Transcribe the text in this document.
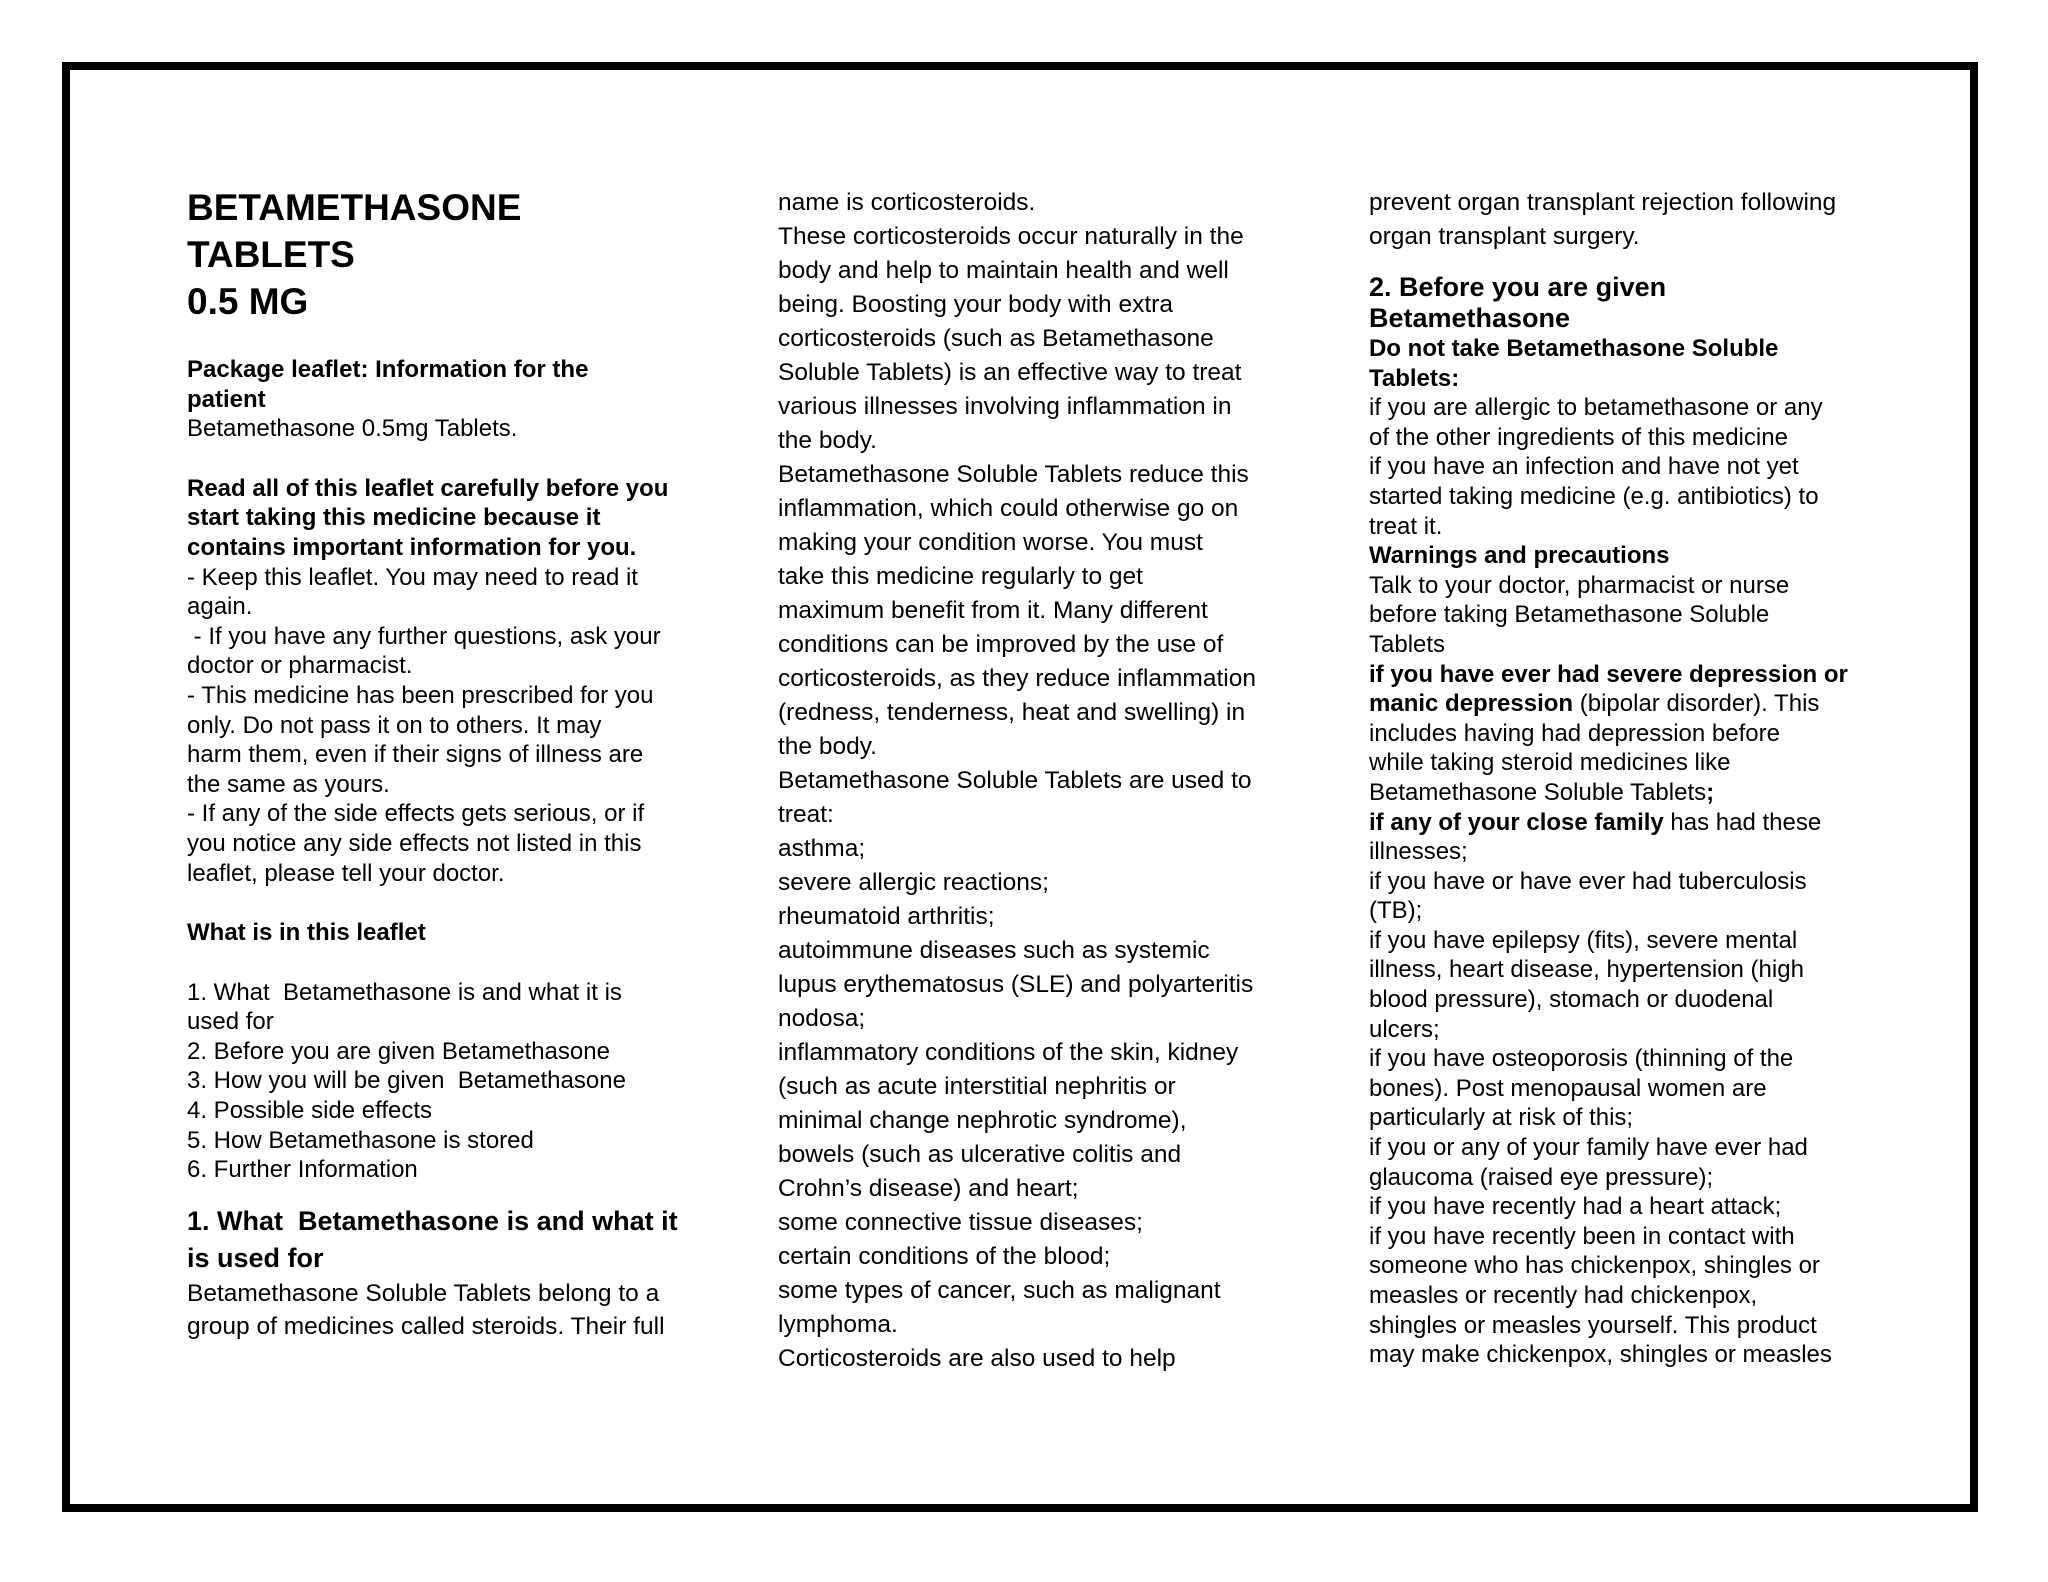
BETAMETHASONE
TABLETS
0.5 MG
Package leaflet: Information for the
patient
Betamethasone 0.5mg Tablets.
Read all of this leaflet carefully before you
start taking this medicine because it
contains important information for you.
- Keep this leaflet. You may need to read it
again.
- If you have any further questions, ask your
doctor or pharmacist.
- This medicine has been prescribed for you
only. Do not pass it on to others. It may
harm them, even if their signs of illness are
the same as yours.
- If any of the side effects gets serious, or if
you notice any side effects not listed in this
leaflet, please tell your doctor.
What is in this leaflet
1. What  Betamethasone is and what it is
used for
2. Before you are given Betamethasone
3. How you will be given  Betamethasone
4. Possible side effects
5. How Betamethasone is stored
6. Further Information
1. What  Betamethasone is and what it
is used for
Betamethasone Soluble Tablets belong to a
group of medicines called steroids. Their full
name is corticosteroids.
These corticosteroids occur naturally in the
body and help to maintain health and well
being. Boosting your body with extra
corticosteroids (such as Betamethasone
Soluble Tablets) is an effective way to treat
various illnesses involving inflammation in
the body.
Betamethasone Soluble Tablets reduce this
inflammation, which could otherwise go on
making your condition worse. You must
take this medicine regularly to get
maximum benefit from it. Many different
conditions can be improved by the use of
corticosteroids, as they reduce inflammation
(redness, tenderness, heat and swelling) in
the body.
Betamethasone Soluble Tablets are used to
treat:
asthma;
severe allergic reactions;
rheumatoid arthritis;
autoimmune diseases such as systemic
lupus erythematosus (SLE) and polyarteritis
nodosa;
inflammatory conditions of the skin, kidney
(such as acute interstitial nephritis or
minimal change nephrotic syndrome),
bowels (such as ulcerative colitis and
Crohn’s disease) and heart;
some connective tissue diseases;
certain conditions of the blood;
some types of cancer, such as malignant
lymphoma.
Corticosteroids are also used to help
prevent organ transplant rejection following
organ transplant surgery.
2. Before you are given
Betamethasone
Do not take Betamethasone Soluble
Tablets:
if you are allergic to betamethasone or any
of the other ingredients of this medicine
if you have an infection and have not yet
started taking medicine (e.g. antibiotics) to
treat it.
Warnings and precautions
Talk to your doctor, pharmacist or nurse
before taking Betamethasone Soluble
Tablets
if you have ever had severe depression or
manic depression (bipolar disorder). This
includes having had depression before
while taking steroid medicines like
Betamethasone Soluble Tablets;
if any of your close family has had these
illnesses;
if you have or have ever had tuberculosis
(TB);
if you have epilepsy (fits), severe mental
illness, heart disease, hypertension (high
blood pressure), stomach or duodenal
ulcers;
if you have osteoporosis (thinning of the
bones). Post menopausal women are
particularly at risk of this;
if you or any of your family have ever had
glaucoma (raised eye pressure);
if you have recently had a heart attack;
if you have recently been in contact with
someone who has chickenpox, shingles or
measles or recently had chickenpox,
shingles or measles yourself. This product
may make chickenpox, shingles or measles
